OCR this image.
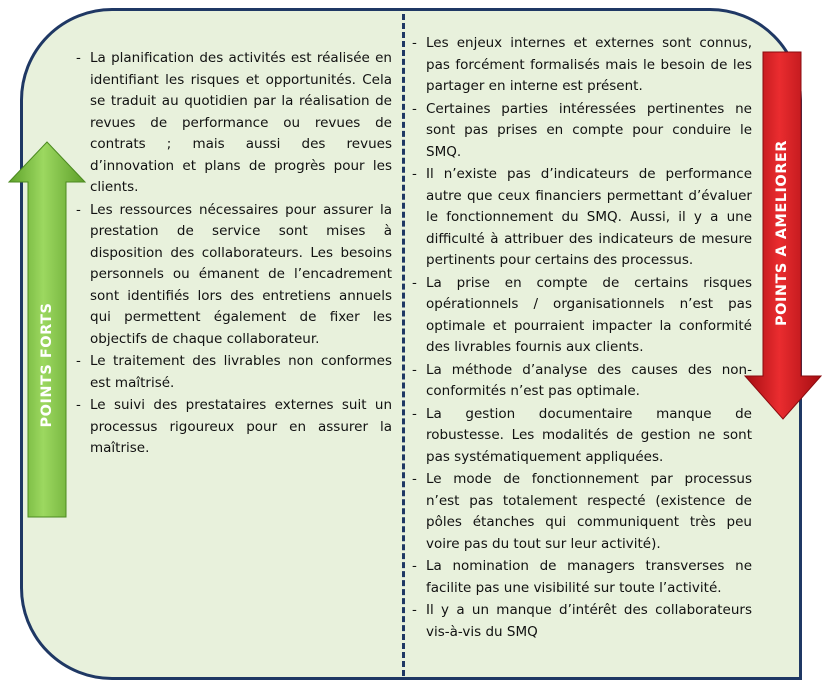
POINTS FORTS
POINTS A AMELIORER
- La planification des activités est réalisée en identifiant les risques et opportunités. Cela se traduit au quotidien par la réalisation de revues de performance ou revues de contrats ; mais aussi des revues d’innovation et plans de progrès pour les clients.
- Les ressources nécessaires pour assurer la prestation de service sont mises à disposition des collaborateurs. Les besoins personnels ou émanent de l’encadrement sont identifiés lors des entretiens annuels qui permettent également de fixer les objectifs de chaque collaborateur.
- Le traitement des livrables non conformes est maîtrisé.
- Le suivi des prestataires externes suit un processus rigoureux pour en assurer la maîtrise.
- Les enjeux internes et externes sont connus, pas forcément formalisés mais le besoin de les partager en interne est présent.
- Certaines parties intéressées pertinentes ne sont pas prises en compte pour conduire le SMQ.
- Il n’existe pas d’indicateurs de performance autre que ceux financiers permettant d’évaluer le fonctionnement du SMQ. Aussi, il y a une difficulté à attribuer des indicateurs de mesure pertinents pour certains des processus.
- La prise en compte de certains risques opérationnels / organisationnels n’est pas optimale et pourraient impacter la conformité des livrables fournis aux clients.
- La méthode d’analyse des causes des non-conformités n’est pas optimale.
- La gestion documentaire manque de robustesse. Les modalités de gestion ne sont pas systématiquement appliquées.
- Le mode de fonctionnement par processus n’est pas totalement respecté (existence de pôles étanches qui communiquent très peu voire pas du tout sur leur activité).
- La nomination de managers transverses ne facilite pas une visibilité sur toute l’activité.
- Il y a un manque d’intérêt des collaborateurs vis-à-vis du SMQ
